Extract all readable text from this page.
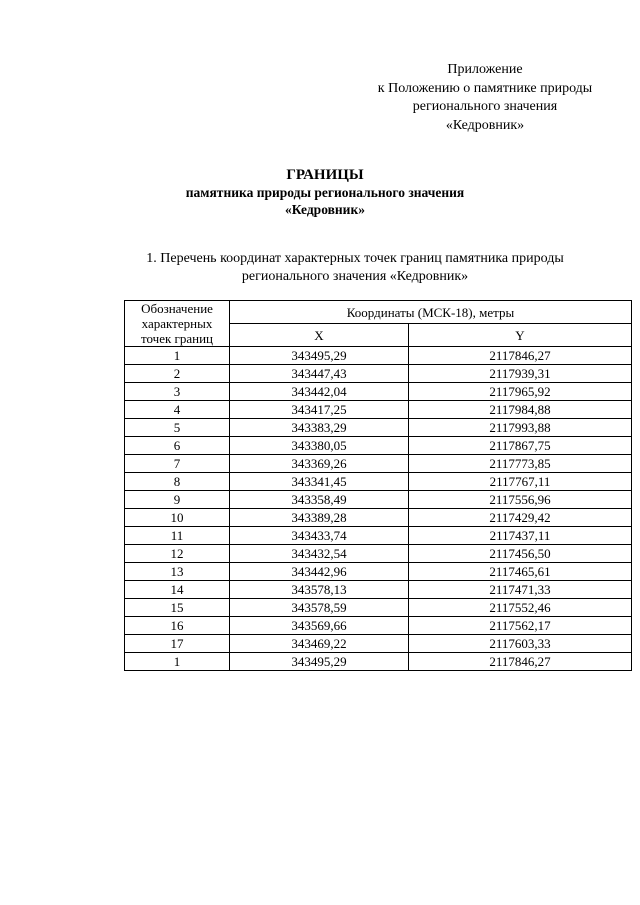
Приложение
к Положению о памятнике природы
регионального значения
«Кедровник»
ГРАНИЦЫ
памятника природы регионального значения
«Кедровник»
1. Перечень координат характерных точек границ памятника природы
регионального значения «Кедровник»
Обозначение
характерных
точек границ	Координаты (МСК-18), метры	
	X	Y
1	343495,29	2117846,27
2	343447,43	2117939,31
3	343442,04	2117965,92
4	343417,25	2117984,88
5	343383,29	2117993,88
6	343380,05	2117867,75
7	343369,26	2117773,85
8	343341,45	2117767,11
9	343358,49	2117556,96
10	343389,28	2117429,42
11	343433,74	2117437,11
12	343432,54	2117456,50
13	343442,96	2117465,61
14	343578,13	2117471,33
15	343578,59	2117552,46
16	343569,66	2117562,17
17	343469,22	2117603,33
1	343495,29	2117846,27
